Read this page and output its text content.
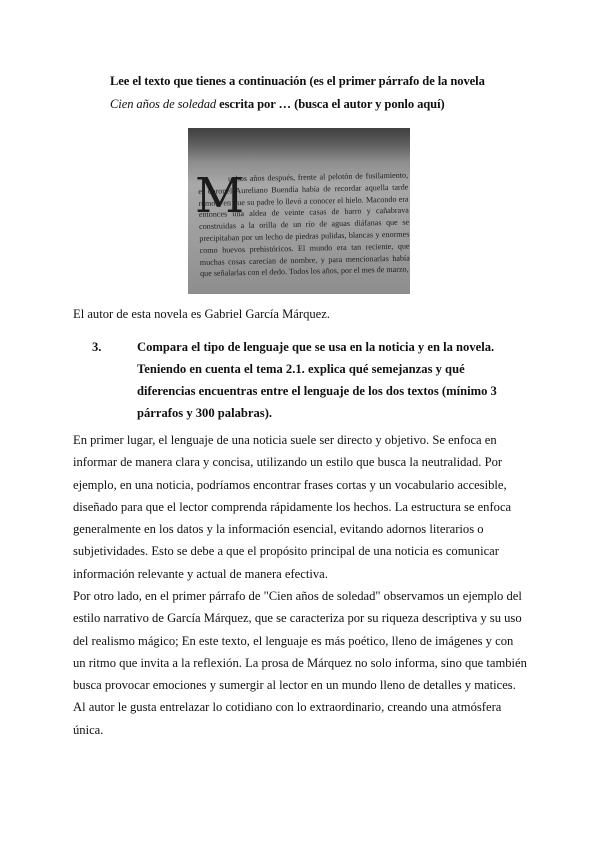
Lee el texto que tienes a continuación (es el primer párrafo de la novela
Cien años de soledad escrita por … (busca el autor y ponlo aquí)
M
uchos años después, frente al pelotón de fusilamiento, el coronel Aureliano Buendía había de recordar aquella tarde remota en que su padre lo llevó a conocer el hielo. Macondo era entonces una aldea de veinte casas de barro y cañabrava construidas a la orilla de un río de aguas diáfanas que se precipitaban por un lecho de piedras pulidas, blancas y enormes como huevos prehistóricos. El mundo era tan reciente, que muchas cosas carecían de nombre, y para mencionarlas había que señalarlas con el dedo. Todos los años, por el mes de marzo,
El autor de esta novela es Gabriel García Márquez.
3.	Compara el tipo de lenguaje que se usa en la noticia y en la novela. Teniendo en cuenta el tema 2.1. explica qué semejanzas y qué diferencias encuentras entre el lenguaje de los dos textos (mínimo 3 párrafos y 300 palabras).
En primer lugar, el lenguaje de una noticia suele ser directo y objetivo. Se enfoca en informar de manera clara y concisa, utilizando un estilo que busca la neutralidad. Por ejemplo, en una noticia, podríamos encontrar frases cortas y un vocabulario accesible, diseñado para que el lector comprenda rápidamente los hechos. La estructura se enfoca generalmente en los datos y la información esencial, evitando adornos literarios o subjetividades. Esto se debe a que el propósito principal de una noticia es comunicar información relevante y actual de manera efectiva.
Por otro lado, en el primer párrafo de "Cien años de soledad" observamos un ejemplo del estilo narrativo de García Márquez, que se caracteriza por su riqueza descriptiva y su uso del realismo mágico; En este texto, el lenguaje es más poético, lleno de imágenes y con un ritmo que invita a la reflexión. La prosa de Márquez no solo informa, sino que también busca provocar emociones y sumergir al lector en un mundo lleno de detalles y matices. Al autor le gusta entrelazar lo cotidiano con lo extraordinario, creando una atmósfera única.
